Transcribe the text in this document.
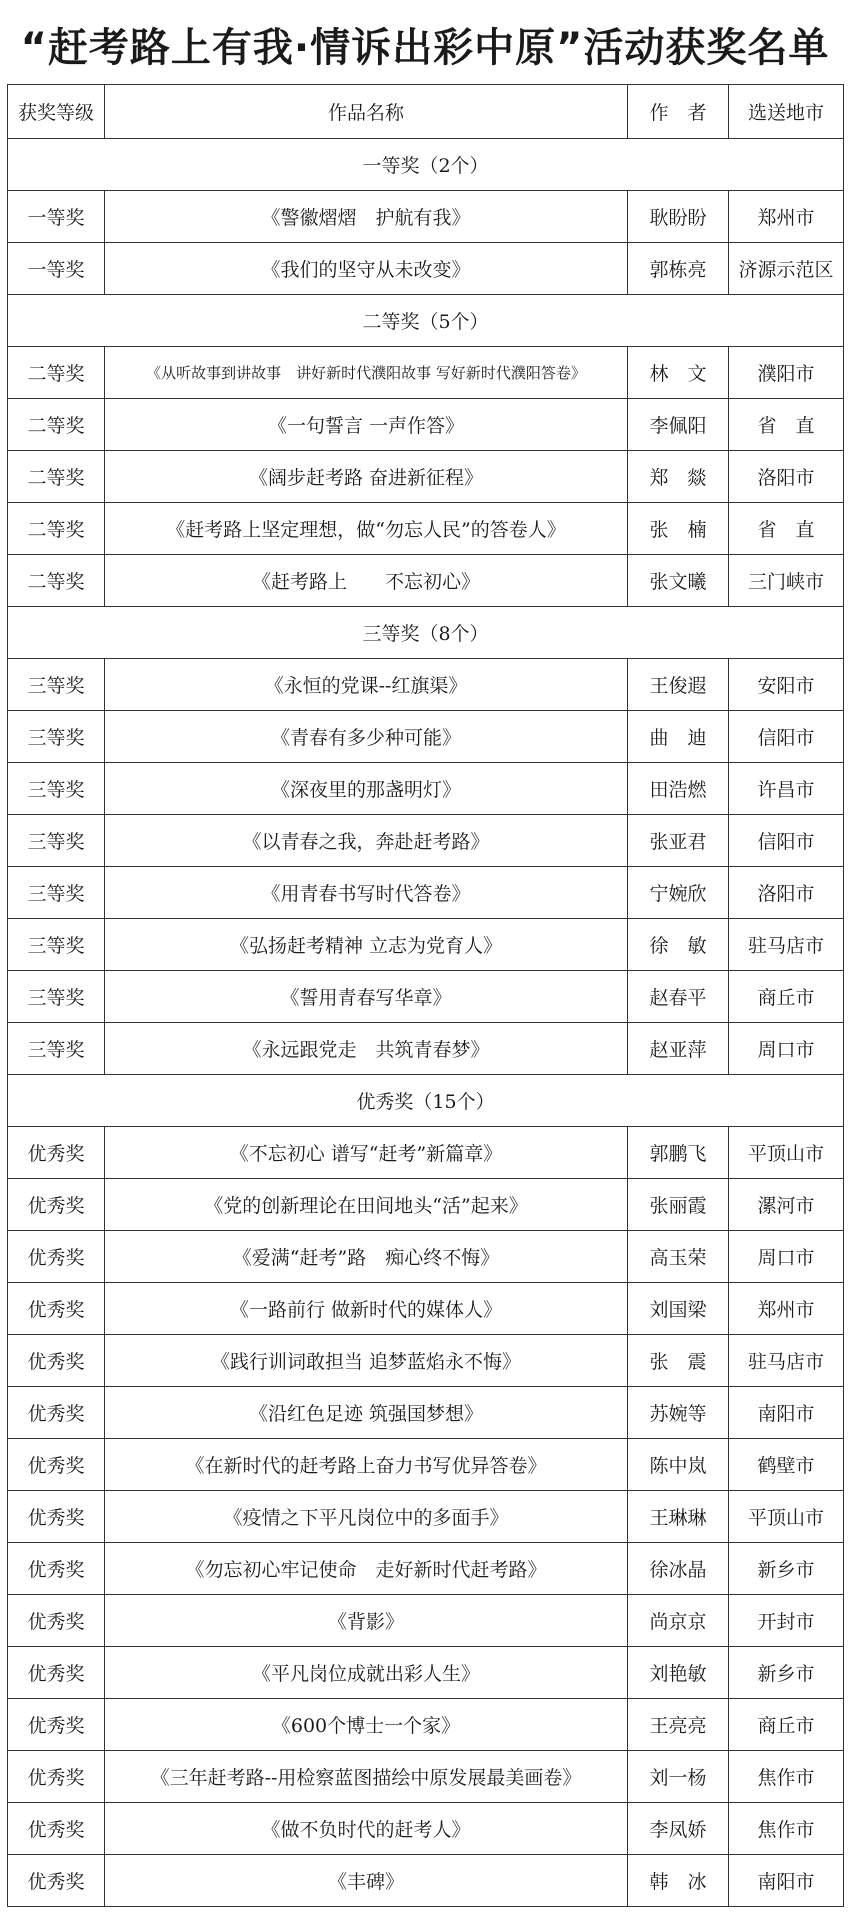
“赶考路上有我·情诉出彩中原”活动获奖名单
获奖等级	作品名称	作　者	选送地市
一等奖（2个）			
一等奖	《警徽熠熠　护航有我》	耿盼盼	郑州市
一等奖	《我们的坚守从未改变》	郭栋亮	济源示范区
二等奖（5个）			
二等奖	《从听故事到讲故事　讲好新时代濮阳故事 写好新时代濮阳答卷》	林　文	濮阳市
二等奖	《一句誓言 一声作答》	李佩阳	省　直
二等奖	《阔步赶考路 奋进新征程》	郑　燚	洛阳市
二等奖	《赶考路上坚定理想，做“勿忘人民”的答卷人》	张　楠	省　直
二等奖	《赶考路上　　不忘初心》	张文曦	三门峡市
三等奖（8个）			
三等奖	《永恒的党课--红旗渠》	王俊遐	安阳市
三等奖	《青春有多少种可能》	曲　迪	信阳市
三等奖	《深夜里的那盏明灯》	田浩燃	许昌市
三等奖	《以青春之我，奔赴赶考路》	张亚君	信阳市
三等奖	《用青春书写时代答卷》	宁婉欣	洛阳市
三等奖	《弘扬赶考精神 立志为党育人》	徐　敏	驻马店市
三等奖	《誓用青春写华章》	赵春平	商丘市
三等奖	《永远跟党走　共筑青春梦》	赵亚萍	周口市
优秀奖（15个）			
优秀奖	《不忘初心 谱写“赶考”新篇章》	郭鹏飞	平顶山市
优秀奖	《党的创新理论在田间地头“活”起来》	张丽霞	漯河市
优秀奖	《爱满“赶考”路　痴心终不悔》	高玉荣	周口市
优秀奖	《一路前行 做新时代的媒体人》	刘国梁	郑州市
优秀奖	《践行训词敢担当 追梦蓝焰永不悔》	张　震	驻马店市
优秀奖	《沿红色足迹 筑强国梦想》	苏婉等	南阳市
优秀奖	《在新时代的赶考路上奋力书写优异答卷》	陈中岚	鹤壁市
优秀奖	《疫情之下平凡岗位中的多面手》	王琳琳	平顶山市
优秀奖	《勿忘初心牢记使命　走好新时代赶考路》	徐冰晶	新乡市
优秀奖	《背影》	尚京京	开封市
优秀奖	《平凡岗位成就出彩人生》	刘艳敏	新乡市
优秀奖	《600个博士一个家》	王亮亮	商丘市
优秀奖	《三年赶考路--用检察蓝图描绘中原发展最美画卷》	刘一杨	焦作市
优秀奖	《做不负时代的赶考人》	李凤娇	焦作市
优秀奖	《丰碑》	韩　冰	南阳市
